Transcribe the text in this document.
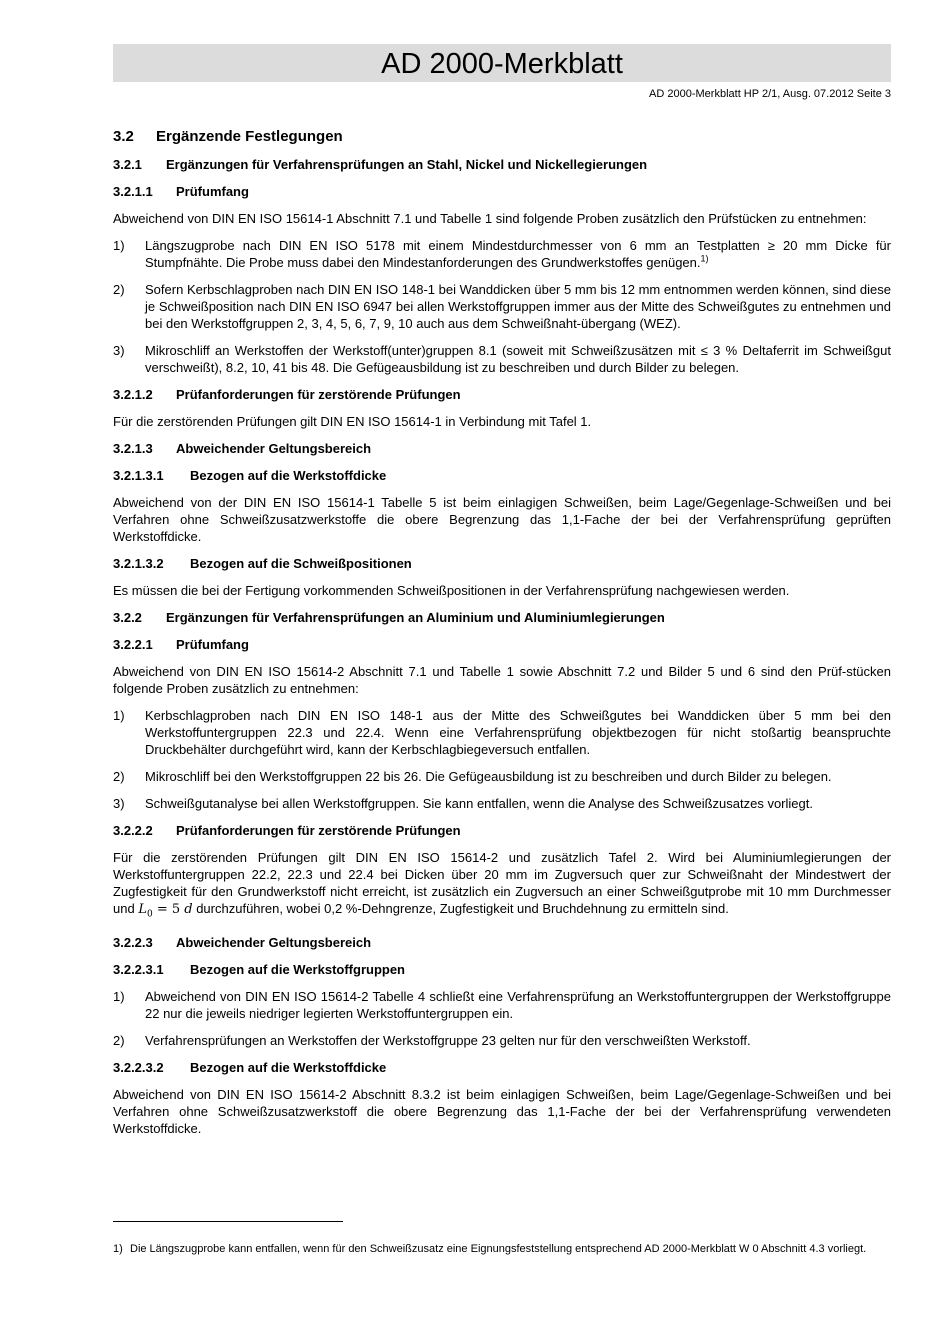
AD 2000-Merkblatt
AD 2000-Merkblatt HP 2/1, Ausg. 07.2012 Seite 3
3.2	Ergänzende Festlegungen
3.2.1	Ergänzungen für Verfahrensprüfungen an Stahl, Nickel und Nickellegierungen
3.2.1.1	Prüfumfang

Abweichend von DIN EN ISO 15614-1 Abschnitt 7.1 und Tabelle 1 sind folgende Proben zusätzlich den Prüfstücken zu entnehmen:

1)	Längszugprobe nach DIN EN ISO 5178 mit einem Mindestdurchmesser von 6 mm an Testplatten ≥ 20 mm Dicke für Stumpfnähte. Die Probe muss dabei den Mindestanforderungen des Grundwerkstoffes genügen.$^{1)}$
2)	Sofern Kerbschlagproben nach DIN EN ISO 148-1 bei Wanddicken über 5 mm bis 12 mm entnommen werden können, sind diese je Schweißposition nach DIN EN ISO 6947 bei allen Werkstoffgruppen immer aus der Mitte des Schweißgutes zu entnehmen und bei den Werkstoffgruppen 2, 3, 4, 5, 6, 7, 9, 10 auch aus dem Schweißnaht-übergang (WEZ).
3)	Mikroschliff an Werkstoffen der Werkstoff(unter)gruppen 8.1 (soweit mit Schweißzusätzen mit ≤ 3 % Deltaferrit im Schweißgut verschweißt), 8.2, 10, 41 bis 48. Die Gefügeausbildung ist zu beschreiben und durch Bilder zu belegen.
3.2.1.2	Prüfanforderungen für zerstörende Prüfungen

Für die zerstörenden Prüfungen gilt DIN EN ISO 15614-1 in Verbindung mit Tafel 1.

3.2.1.3	Abweichender Geltungsbereich
3.2.1.3.1	Bezogen auf die Werkstoffdicke

Abweichend von der DIN EN ISO 15614-1 Tabelle 5 ist beim einlagigen Schweißen, beim Lage/Gegenlage-Schweißen und bei Verfahren ohne Schweißzusatzwerkstoffe die obere Begrenzung das 1,1-Fache der bei der Verfahrensprüfung geprüften Werkstoffdicke.

3.2.1.3.2	Bezogen auf die Schweißpositionen

Es müssen die bei der Fertigung vorkommenden Schweißpositionen in der Verfahrensprüfung nachgewiesen werden.

3.2.2	Ergänzungen für Verfahrensprüfungen an Aluminium und Aluminiumlegierungen
3.2.2.1	Prüfumfang

Abweichend von DIN EN ISO 15614-2 Abschnitt 7.1 und Tabelle 1 sowie Abschnitt 7.2 und Bilder 5 und 6 sind den Prüf-stücken folgende Proben zusätzlich zu entnehmen:

1)	Kerbschlagproben nach DIN EN ISO 148-1 aus der Mitte des Schweißgutes bei Wanddicken über 5 mm bei den Werkstoffuntergruppen 22.3 und 22.4. Wenn eine Verfahrensprüfung objektbezogen für nicht stoßartig beanspruchte Druckbehälter durchgeführt wird, kann der Kerbschlagbiegeversuch entfallen.
2)	Mikroschliff bei den Werkstoffgruppen 22 bis 26. Die Gefügeausbildung ist zu beschreiben und durch Bilder zu belegen.
3)	Schweißgutanalyse bei allen Werkstoffgruppen. Sie kann entfallen, wenn die Analyse des Schweißzusatzes vorliegt.
3.2.2.2	Prüfanforderungen für zerstörende Prüfungen

Für die zerstörenden Prüfungen gilt DIN EN ISO 15614-2 und zusätzlich Tafel 2. Wird bei Aluminiumlegierungen der Werkstoffuntergruppen 22.2, 22.3 und 22.4 bei Dicken über 20 mm im Zugversuch quer zur Schweißnaht der Mindestwert der Zugfestigkeit für den Grundwerkstoff nicht erreicht, ist zusätzlich ein Zugversuch an einer Schweißgutprobe mit 10 mm Durchmesser und $L_0 = 5$ d durchzuführen, wobei 0,2 %-Dehngrenze, Zugfestigkeit und Bruchdehnung zu ermitteln sind.

3.2.2.3	Abweichender Geltungsbereich
3.2.2.3.1	Bezogen auf die Werkstoffgruppen
1)	Abweichend von DIN EN ISO 15614-2 Tabelle 4 schließt eine Verfahrensprüfung an Werkstoffuntergruppen der Werkstoffgruppe 22 nur die jeweils niedriger legierten Werkstoffuntergruppen ein.
2)	Verfahrensprüfungen an Werkstoffen der Werkstoffgruppe 23 gelten nur für den verschweißten Werkstoff.
3.2.2.3.2	Bezogen auf die Werkstoffdicke

Abweichend von DIN EN ISO 15614-2 Abschnitt 8.3.2 ist beim einlagigen Schweißen, beim Lage/Gegenlage-Schweißen und bei Verfahren ohne Schweißzusatzwerkstoff die obere Begrenzung das 1,1-Fache der bei der Verfahrensprüfung verwendeten Werkstoffdicke.

1) Die Längszugprobe kann entfallen, wenn für den Schweißzusatz eine Eignungsfeststellung entsprechend AD 2000-Merkblatt W 0 Abschnitt 4.3 vorliegt.
